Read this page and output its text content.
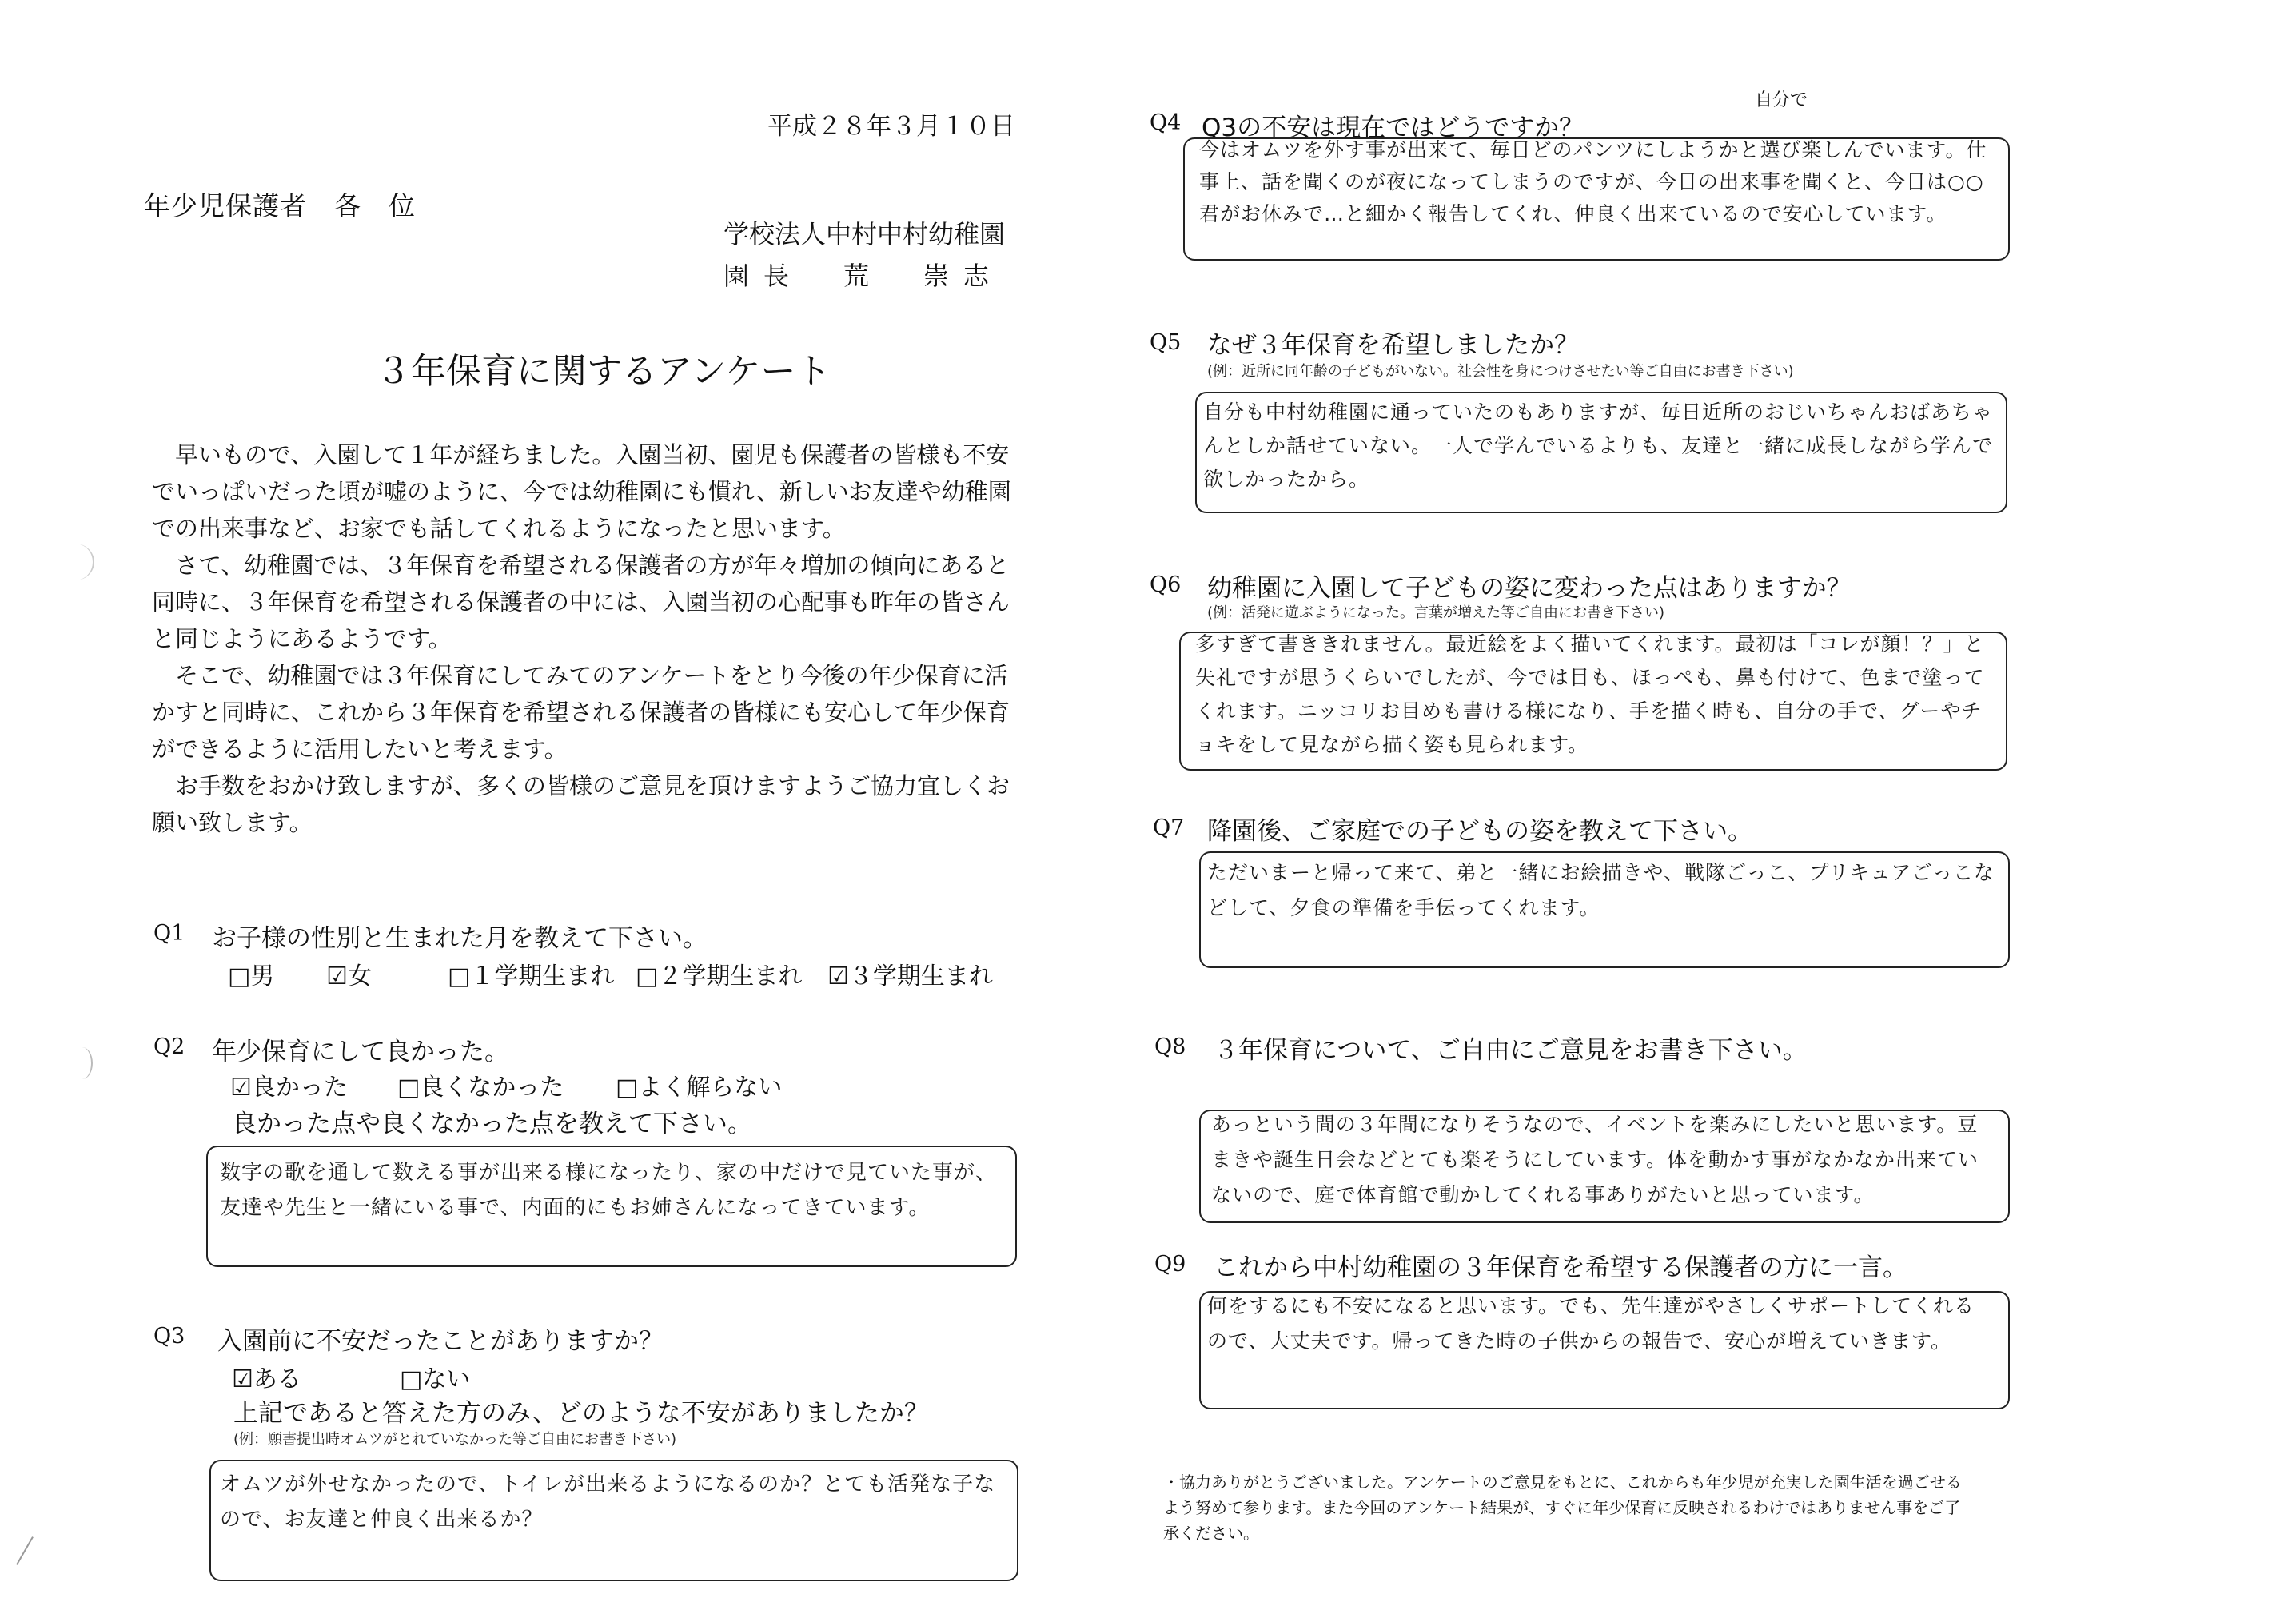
平成２８年３月１０日
年少児保護者　各　位
学校法人中村中村幼稚園
園長　荒　崇志
３年保育に関するアンケート

早いもので、入園して１年が経ちました。入園当初、園児も保護者の皆様も不安でいっぱいだった頃が嘘のように、今では幼稚園にも慣れ、新しいお友達や幼稚園での出来事など、お家でも話してくれるようになったと思います。

さて、幼稚園では、３年保育を希望される保護者の方が年々増加の傾向にあると同時に、３年保育を希望される保護者の中には、入園当初の心配事も昨年の皆さんと同じようにあるようです。

そこで、幼稚園では３年保育にしてみてのアンケートをとり今後の年少保育に活かすと同時に、これから３年保育を希望される保護者の皆様にも安心して年少保育ができるように活用したいと考えます。

お手数をおかけ致しますが、多くの皆様のご意見を頂けますようご協力宜しくお願い致します。

Q1 お子様の性別と生まれた月を教えて下さい。
□男 ☑女	□１学期生まれ □２学期生まれ ☑３学期生まれ
Q2 年少保育にして良かった。
☑良かった □良くなかった □よく解らない
良かった点や良くなかった点を教えて下さい。
数字の歌を通して数える事が出来る様になったり、家の中だけで見ていた事が、友達や先生と一緒にいる事で、内面的にもお姉さんになってきています。
Q3 入園前に不安だったことがありますか？
☑ある	□ない
上記であると答えた方のみ、どのような不安がありましたか？
(例：願書提出時オムツがとれていなかった等ご自由にお書き下さい)
オムツが外せなかったので、トイレが出来るようになるのか？とても活発な子なので、お友達と仲良く出来るか？
Q4 Q3の不安は現在ではどうですか？
自分で
今はオムツを外す事が出来て、毎日どのパンツにしようかと選び楽しんでいます。仕事上、話を聞くのが夜になってしまうのですが、今日の出来事を聞くと、今日は○○君がお休みで…と細かく報告してくれ、仲良く出来ているので安心しています。
Q5 なぜ３年保育を希望しましたか？
(例：近所に同年齢の子どもがいない。社会性を身につけさせたい等ご自由にお書き下さい)
自分も中村幼稚園に通っていたのもありますが、毎日近所のおじいちゃんおばあちゃんとしか話せていない。一人で学んでいるよりも、友達と一緒に成長しながら学んで欲しかったから。
Q6 幼稚園に入園して子どもの姿に変わった点はありますか？
(例：活発に遊ぶようになった。言葉が増えた等ご自由にお書き下さい)
多すぎて書ききれません。最近絵をよく描いてくれます。最初は「コレが顔！？」と失礼ですが思うくらいでしたが、今では目も、ほっぺも、鼻も付けて、色まで塗ってくれます。ニッコリお目めも書ける様になり、手を描く時も、自分の手で、グーやチョキをして見ながら描く姿も見られます。
Q7 降園後、ご家庭での子どもの姿を教えて下さい。
ただいまーと帰って来て、弟と一緒にお絵描きや、戦隊ごっこ、プリキュアごっこなどして、夕食の準備を手伝ってくれます。
Q8 ３年保育について、ご自由にご意見をお書き下さい。
あっという間の３年間になりそうなので、イベントを楽みにしたいと思います。豆まきや誕生日会などとても楽そうにしています。体を動かす事がなかなか出来ていないので、庭で体育館で動かしてくれる事ありがたいと思っています。
Q9 これから中村幼稚園の３年保育を希望する保護者の方に一言。
何をするにも不安になると思います。でも、先生達がやさしくサポートしてくれるので、大丈夫です。帰ってきた時の子供からの報告で、安心が増えていきます。
・協力ありがとうございました。アンケートのご意見をもとに、これからも年少児が充実した園生活を過ごせるよう努めて参ります。また今回のアンケート結果が、すぐに年少保育に反映されるわけではありません事をご了承ください。
